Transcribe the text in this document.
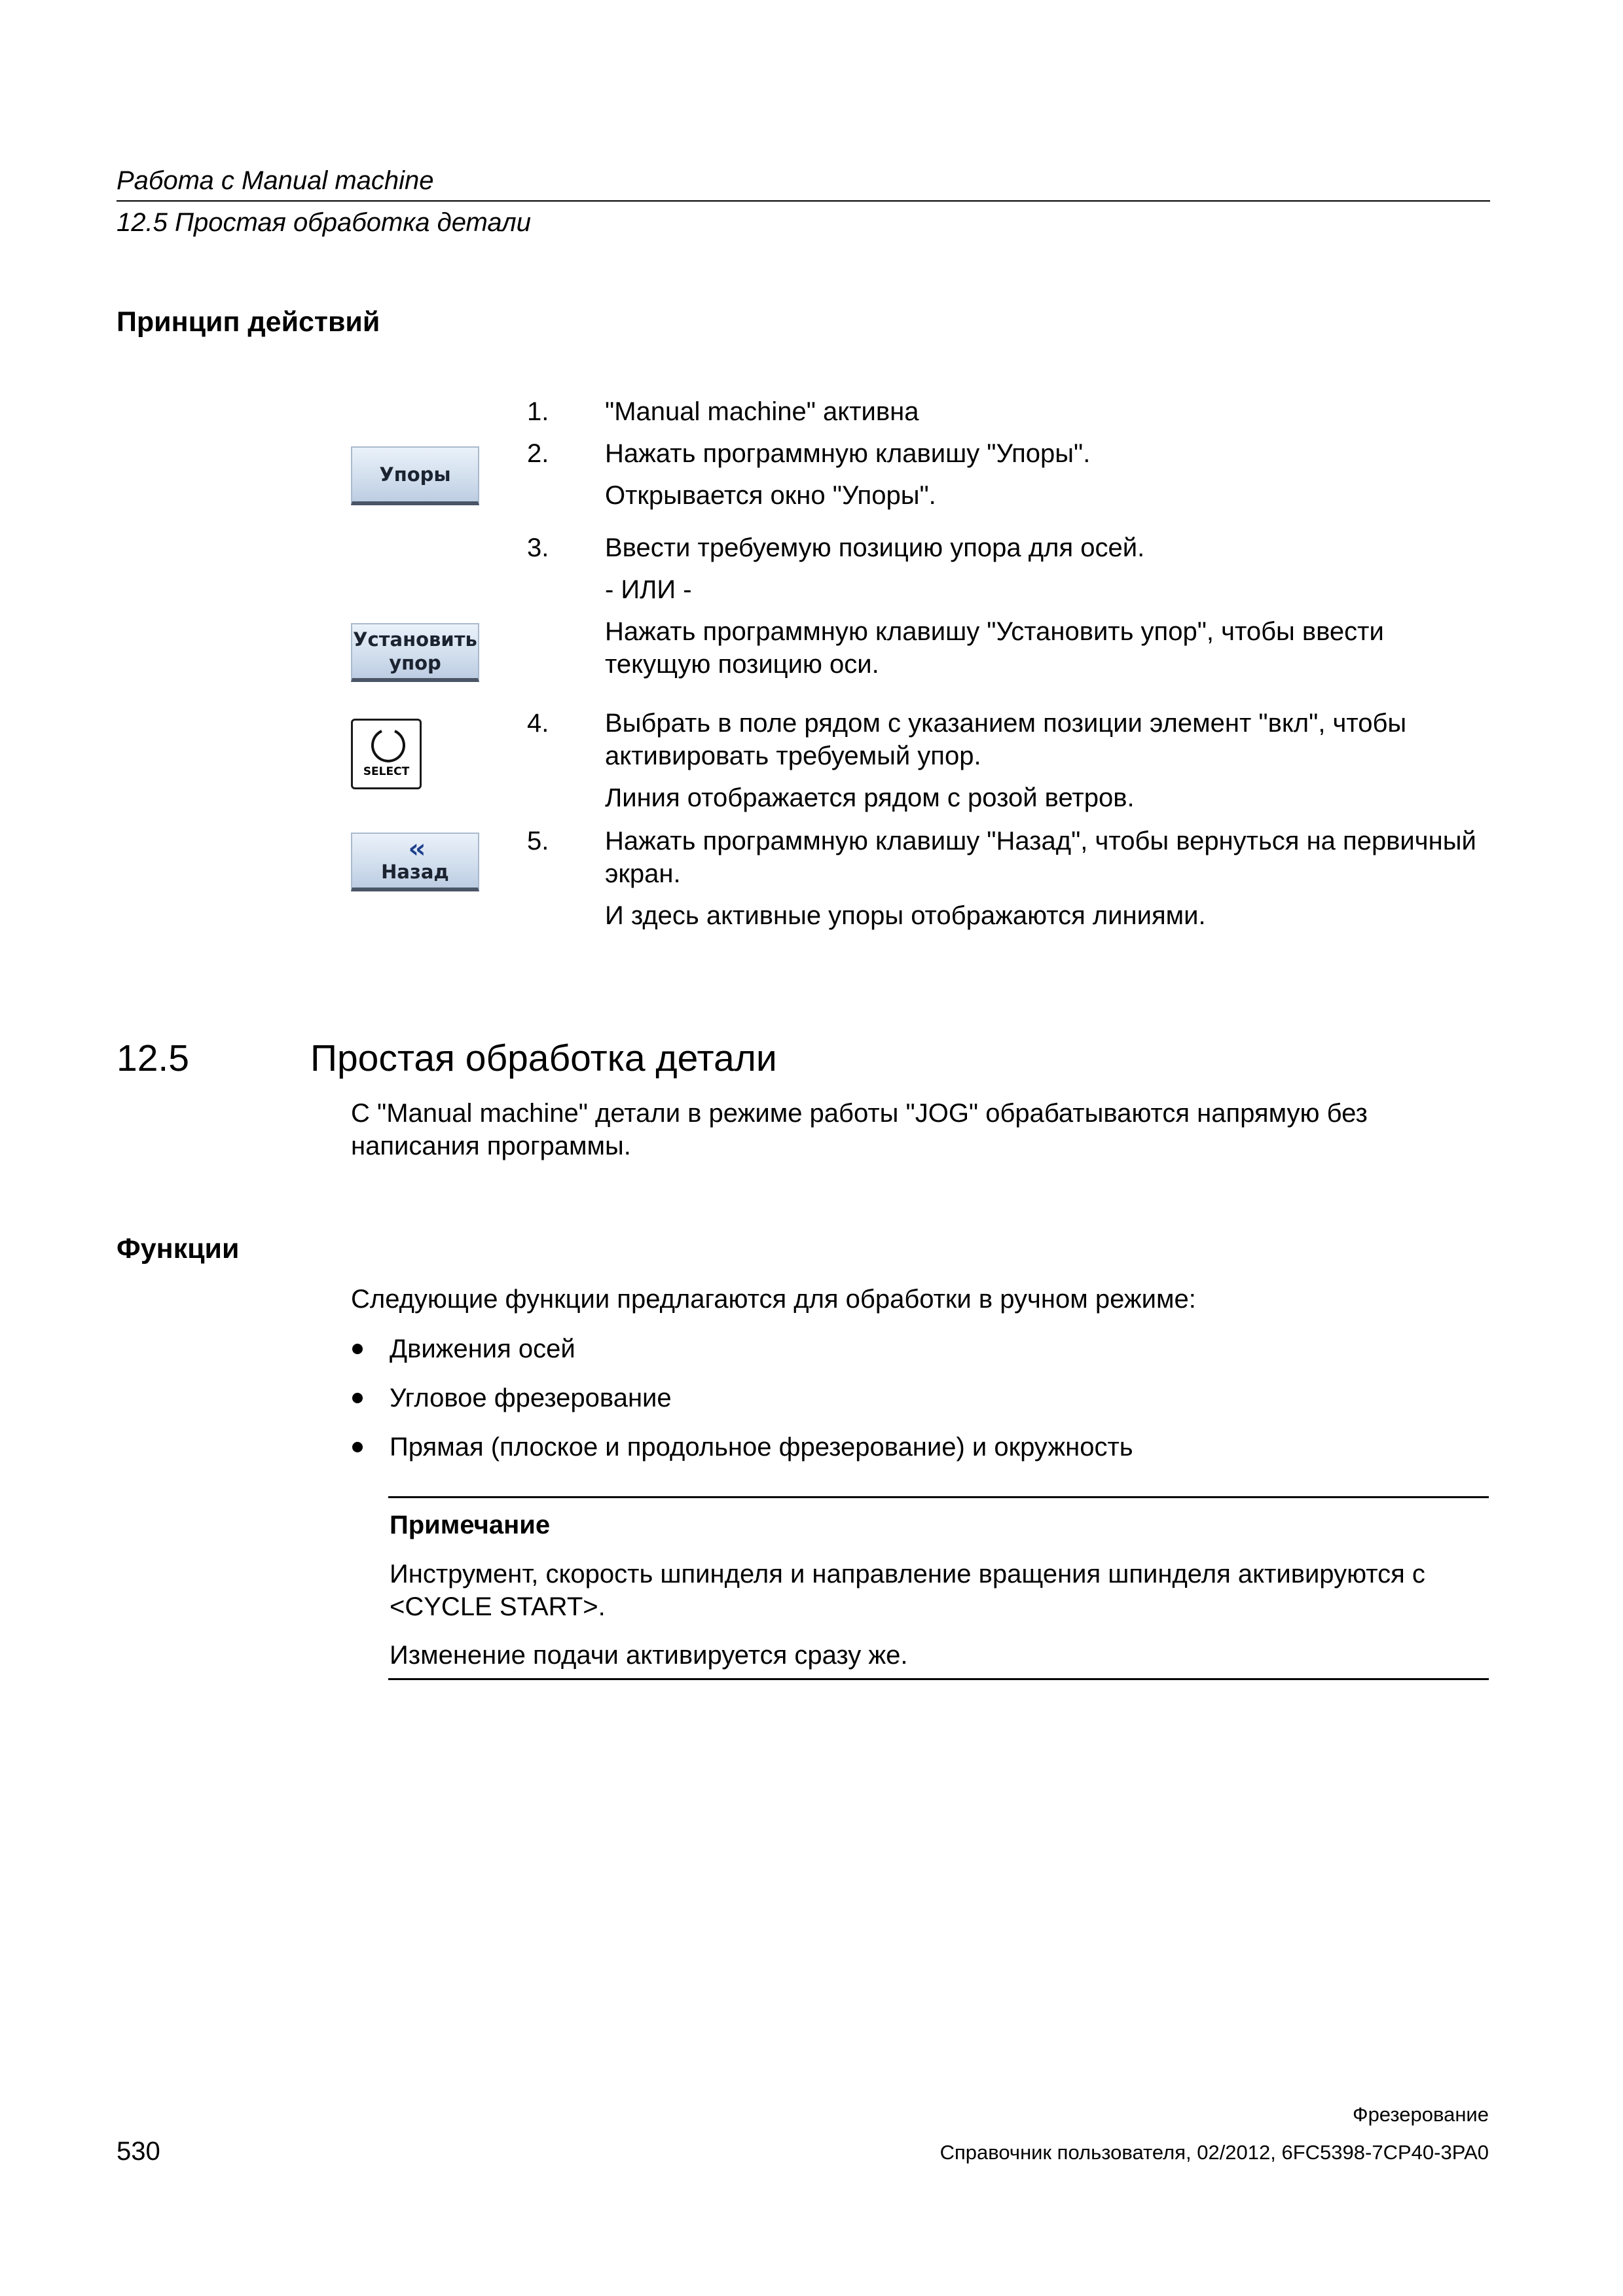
Работа с Manual machine
12.5 Простая обработка детали
Принцип действий
Упоры
Установить
упор
SELECT
‹‹
Назад
1.	"Manual machine" активна

2.	Нажать программную клавишу "Упоры".

Открывается окно "Упоры".

3.	Ввести требуемую позицию упора для осей.

- ИЛИ -

Нажать программную клавишу "Установить упор", чтобы ввести текущую позицию оси.

4.	Выбрать в поле рядом с указанием позиции элемент "вкл", чтобы активировать требуемый упор.

Линия отображается рядом с розой ветров.

5.	Нажать программную клавишу "Назад", чтобы вернуться на первичный экран.

И здесь активные упоры отображаются линиями.

12.5	Простая обработка детали
С "Manual machine" детали в режиме работы "JOG" обрабатываются напрямую без написания программы.
Функции
Следующие функции предлагаются для обработки в ручном режиме:
Движения осей
Угловое фрезерование
Прямая (плоское и продольное фрезерование) и окружность
Примечание
Инструмент, скорость шпинделя и направление вращения шпинделя активируются с <CYCLE START>.
Изменение подачи активируется сразу же.
Фрезерование
530	Справочник пользователя, 02/2012, 6FC5398-7CP40-3PA0
